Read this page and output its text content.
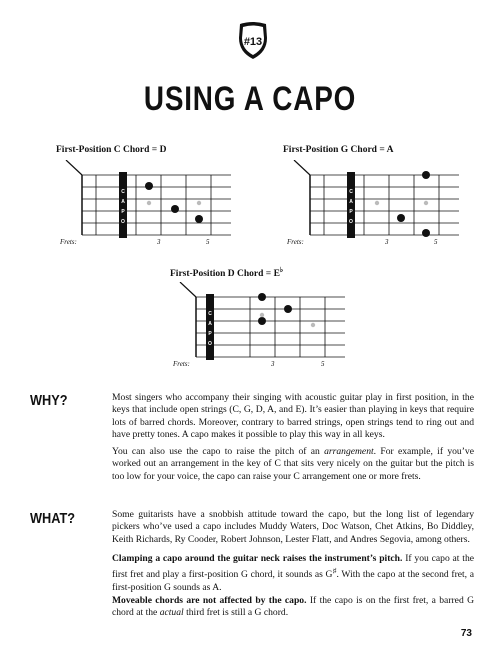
#13
USING A CAPO
First-Position C Chord = D
C
A
P
O
Frets:	3	5
First-Position G Chord = A
C
A
P
O
Frets:	3	5
First-Position D Chord = E♭
C
A
P
O
Frets:	3	5
WHY?	Most singers who accompany their singing with acoustic guitar play in first position, in the keys that include open strings (C, G, D, A, and E). It’s easier than playing in keys that require lots of barred chords. Moreover, contrary to barred strings, open strings tend to ring out and have pretty tones. A capo makes it possible to play this way in all keys.

You can also use the capo to raise the pitch of an arrangement. For example, if you’ve worked out an arrangement in the key of C that sits very nicely on the guitar but the pitch is too low for your voice, the capo can raise your C arrangement one or more frets.

WHAT?	Some guitarists have a snobbish attitude toward the capo, but the long list of legendary pickers who’ve used a capo includes Muddy Waters, Doc Watson, Chet Atkins, Bo Diddley, Keith Richards, Ry Cooder, Robert Johnson, Lester Flatt, and Andres Segovia, among others.

Clamping a capo around the guitar neck raises the instrument’s pitch. If you capo at the first fret and play a first-position G chord, it sounds as G♯. With the capo at the second fret, a first-position G sounds as A.

Moveable chords are not affected by the capo. If the capo is on the first fret, a barred G chord at the actual third fret is still a G chord.

73
